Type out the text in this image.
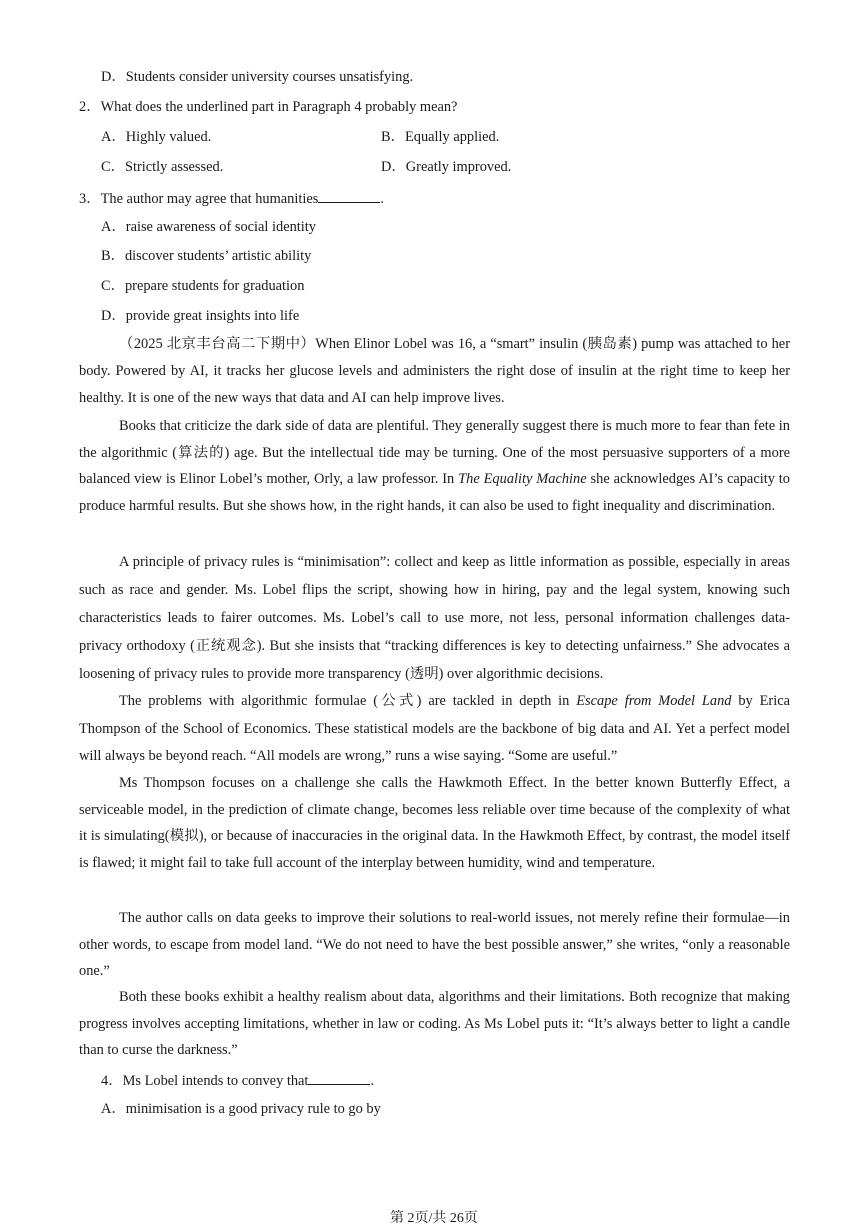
D．Students consider university courses unsatisfying.
2．What does the underlined part in Paragraph 4 probably mean?
A．Highly valued.	B．Equally applied.
C．Strictly assessed.	D．Greatly improved.
3．The author may agree that humanities	.
A．raise awareness of social identity
B．discover students’ artistic ability
C．prepare students for graduation
D．provide great insights into life
（2025 北京丰台高二下期中）When Elinor Lobel was 16, a “smart” insulin (胰岛素) pump was attached to her body. Powered by AI, it tracks her glucose levels and administers the right dose of insulin at the right time to keep her healthy. It is one of the new ways that data and AI can help improve lives.
Books that criticize the dark side of data are plentiful. They generally suggest there is much more to fear than fete in the algorithmic (算法的) age. But the intellectual tide may be turning. One of the most persuasive supporters of a more balanced view is Elinor Lobel’s mother, Orly, a law professor. In The Equality Machine she acknowledges AI’s capacity to produce harmful results. But she shows how, in the right hands, it can also be used to fight inequality and discrimination.
A principle of privacy rules is “minimisation”: collect and keep as little information as possible, especially in areas such as race and gender. Ms. Lobel flips the script, showing how in hiring, pay and the legal system, knowing such characteristics leads to fairer outcomes. Ms. Lobel’s call to use more, not less, personal information challenges data-privacy orthodoxy (正统观念). But she insists that “tracking differences is key to detecting unfairness.” She advocates a loosening of privacy rules to provide more transparency (透明) over algorithmic decisions.
The problems with algorithmic formulae (公式) are tackled in depth in Escape from Model Land by Erica Thompson of the School of Economics. These statistical models are the backbone of big data and AI. Yet a perfect model will always be beyond reach. “All models are wrong,” runs a wise saying. “Some are useful.”
Ms Thompson focuses on a challenge she calls the Hawkmoth Effect. In the better known Butterfly Effect, a serviceable model, in the prediction of climate change, becomes less reliable over time because of the complexity of what it is simulating(模拟), or because of inaccuracies in the original data. In the Hawkmoth Effect, by contrast, the model itself is flawed; it might fail to take full account of the interplay between humidity, wind and temperature.
The author calls on data geeks to improve their solutions to real-world issues, not merely refine their formulae—in other words, to escape from model land. “We do not need to have the best possible answer,” she writes, “only a reasonable one.”
Both these books exhibit a healthy realism about data, algorithms and their limitations. Both recognize that making progress involves accepting limitations, whether in law or coding. As Ms Lobel puts it: “It’s always better to light a candle than to curse the darkness.”
4．Ms Lobel intends to convey that	.
A．minimisation is a good privacy rule to go by
第 2页/共 26页
